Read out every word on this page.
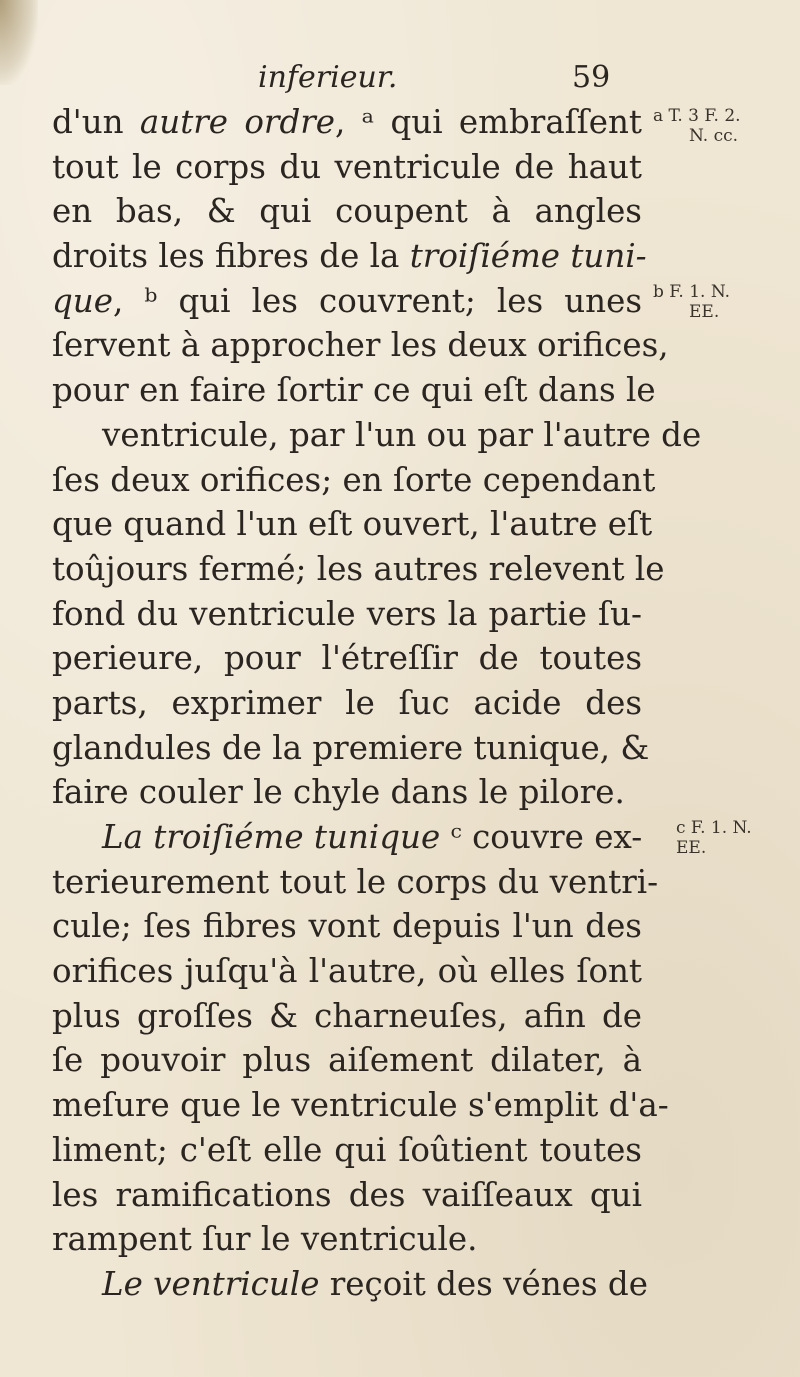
inferieur.	59
d'un autre ordre, ᵃ qui embraſſent
tout le corps du ventricule de haut
en bas, & qui coupent à angles
droits les fibres de la troiſiéme tuni-
que, ᵇ qui les couvrent; les unes
ſervent à approcher les deux orifices,
pour en faire ſortir ce qui eſt dans le
ventricule, par l'un ou par l'autre de
ſes deux orifices; en ſorte cependant
que quand l'un eſt ouvert, l'autre eſt
toûjours fermé; les autres relevent le
fond du ventricule vers la partie ſu-
perieure, pour l'étreſſir de toutes
parts, exprimer le ſuc acide des
glandules de la premiere tunique, &
faire couler le chyle dans le pilore.
La troiſiéme tunique ᶜ couvre ex-
terieurement tout le corps du ventri-
cule; ſes fibres vont depuis l'un des
orifices juſqu'à l'autre, où elles ſont
plus groſſes & charneuſes, afin de
ſe pouvoir plus aiſement dilater, à
meſure que le ventricule s'emplit d'a-
liment; c'eſt elle qui ſoûtient toutes
les ramifications des vaiſſeaux qui
rampent ſur le ventricule.
Le ventricule reçoit des vénes de
a T. 3 F. 2.
N. cc.
b F. 1. N.
EE.
c F. 1. N.
EE.
